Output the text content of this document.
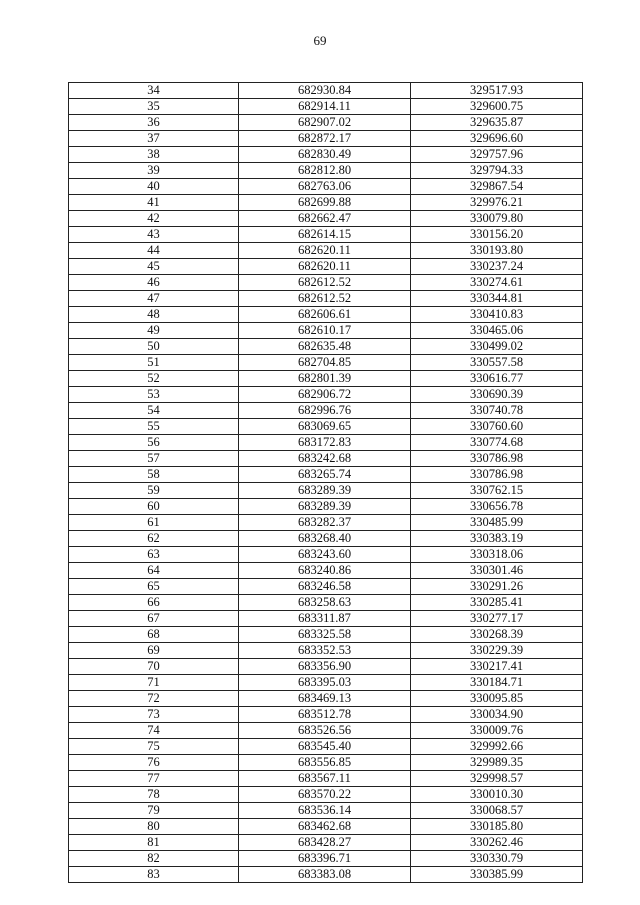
69
34	682930.84	329517.93
35	682914.11	329600.75
36	682907.02	329635.87
37	682872.17	329696.60
38	682830.49	329757.96
39	682812.80	329794.33
40	682763.06	329867.54
41	682699.88	329976.21
42	682662.47	330079.80
43	682614.15	330156.20
44	682620.11	330193.80
45	682620.11	330237.24
46	682612.52	330274.61
47	682612.52	330344.81
48	682606.61	330410.83
49	682610.17	330465.06
50	682635.48	330499.02
51	682704.85	330557.58
52	682801.39	330616.77
53	682906.72	330690.39
54	682996.76	330740.78
55	683069.65	330760.60
56	683172.83	330774.68
57	683242.68	330786.98
58	683265.74	330786.98
59	683289.39	330762.15
60	683289.39	330656.78
61	683282.37	330485.99
62	683268.40	330383.19
63	683243.60	330318.06
64	683240.86	330301.46
65	683246.58	330291.26
66	683258.63	330285.41
67	683311.87	330277.17
68	683325.58	330268.39
69	683352.53	330229.39
70	683356.90	330217.41
71	683395.03	330184.71
72	683469.13	330095.85
73	683512.78	330034.90
74	683526.56	330009.76
75	683545.40	329992.66
76	683556.85	329989.35
77	683567.11	329998.57
78	683570.22	330010.30
79	683536.14	330068.57
80	683462.68	330185.80
81	683428.27	330262.46
82	683396.71	330330.79
83	683383.08	330385.99
